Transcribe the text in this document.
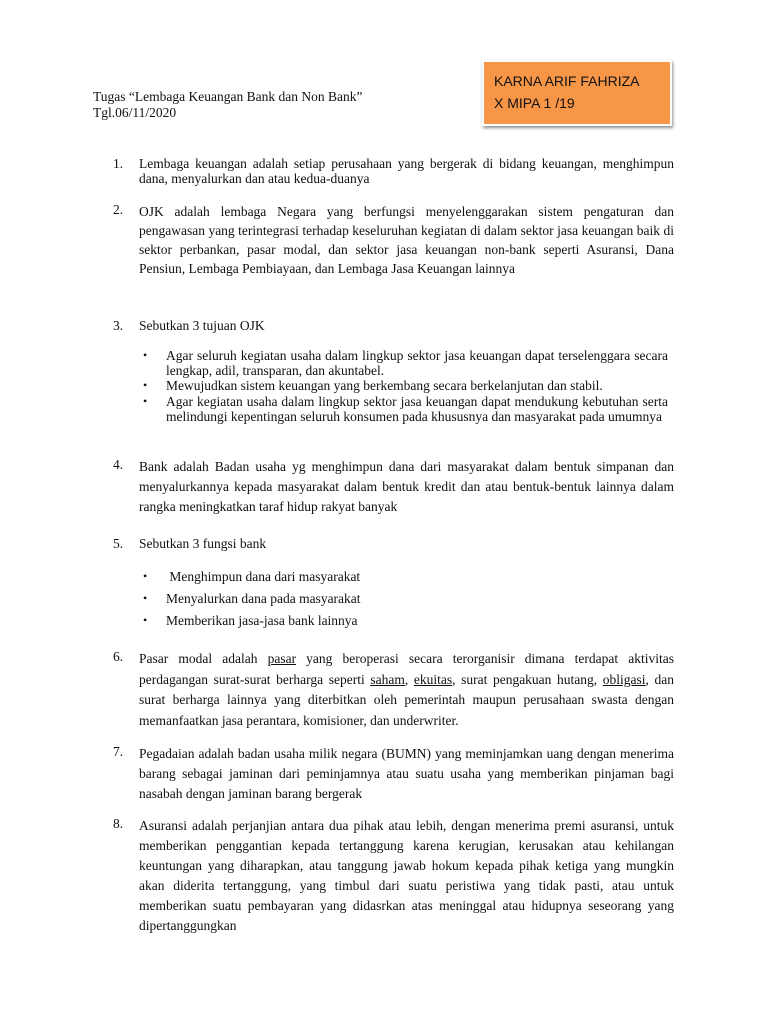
Tugas “Lembaga Keuangan Bank dan Non Bank”
Tgl.06/11/2020
KARNA ARIF FAHRIZA
X MIPA 1 /19
1. Lembaga keuangan adalah setiap perusahaan yang bergerak di bidang keuangan, menghimpun dana, menyalurkan dan atau kedua-duanya
2. OJK adalah lembaga Negara yang berfungsi menyelenggarakan sistem pengaturan dan pengawasan yang terintegrasi terhadap keseluruhan kegiatan di dalam sektor jasa keuangan baik di sektor perbankan, pasar modal, dan sektor jasa keuangan non-bank seperti Asuransi, Dana Pensiun, Lembaga Pembiayaan, dan Lembaga Jasa Keuangan lainnya
3. Sebutkan 3 tujuan OJK
• Agar seluruh kegiatan usaha dalam lingkup sektor jasa keuangan dapat terselenggara secara lengkap, adil, transparan, dan akuntabel.
• Mewujudkan sistem keuangan yang berkembang secara berkelanjutan dan stabil.
• Agar kegiatan usaha dalam lingkup sektor jasa keuangan dapat mendukung kebutuhan serta melindungi kepentingan seluruh konsumen pada khususnya dan masyarakat pada umumnya
4. Bank adalah Badan usaha yg menghimpun dana dari masyarakat dalam bentuk simpanan dan menyalurkannya kepada masyarakat dalam bentuk kredit dan atau bentuk-bentuk lainnya dalam rangka meningkatkan taraf hidup rakyat banyak
5. Sebutkan 3 fungsi bank
• Menghimpun dana dari masyarakat
• Menyalurkan dana pada masyarakat
• Memberikan jasa-jasa bank lainnya
6. Pasar modal adalah pasar yang beroperasi secara terorganisir dimana terdapat aktivitas perdagangan surat-surat berharga seperti saham, ekuitas, surat pengakuan hutang, obligasi, dan surat berharga lainnya yang diterbitkan oleh pemerintah maupun perusahaan swasta dengan memanfaatkan jasa perantara, komisioner, dan underwriter.
7. Pegadaian adalah badan usaha milik negara (BUMN) yang meminjamkan uang dengan menerima barang sebagai jaminan dari peminjamnya atau suatu usaha yang memberikan pinjaman bagi nasabah dengan jaminan barang bergerak
8. Asuransi adalah perjanjian antara dua pihak atau lebih, dengan menerima premi asuransi, untuk memberikan penggantian kepada tertanggung karena kerugian, kerusakan atau kehilangan keuntungan yang diharapkan, atau tanggung jawab hokum kepada pihak ketiga yang mungkin akan diderita tertanggung, yang timbul dari suatu peristiwa yang tidak pasti, atau untuk memberikan suatu pembayaran yang didasrkan atas meninggal atau hidupnya seseorang yang dipertanggungkan
